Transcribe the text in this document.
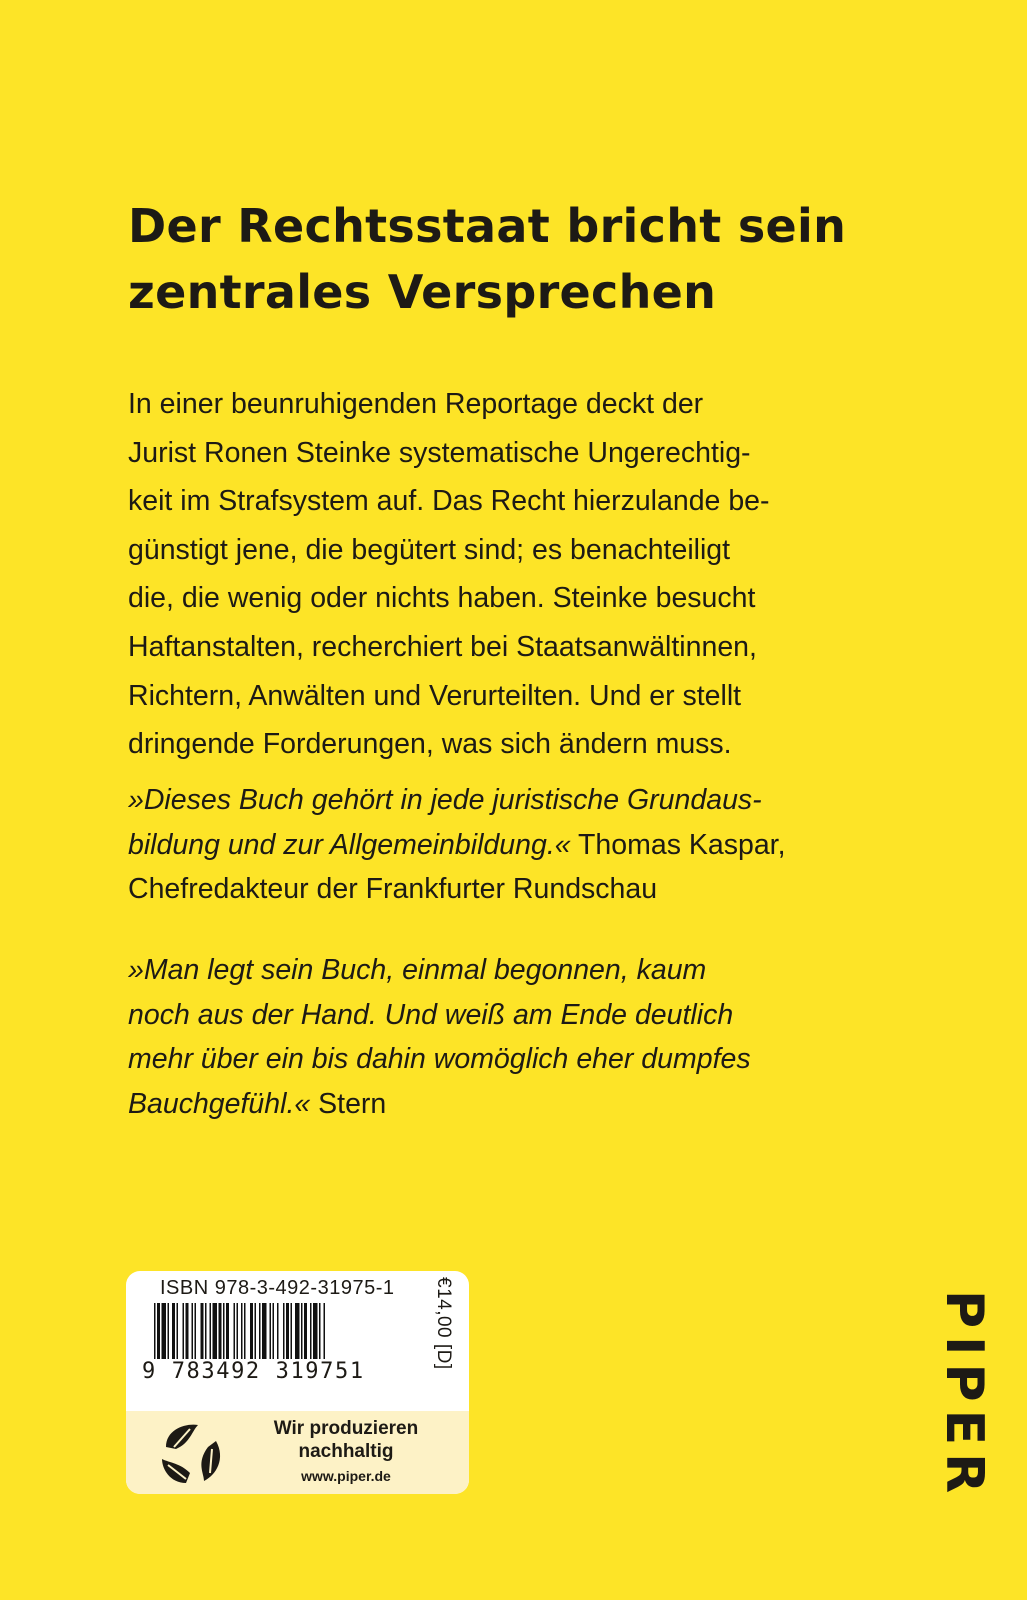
Der Rechtsstaat bricht sein
zentrales Versprechen
In einer beunruhigenden Reportage deckt der
Jurist Ronen Steinke systematische Ungerechtig-
keit im Strafsystem auf. Das Recht hierzulande be-
günstigt jene, die begütert sind; es benachteiligt
die, die wenig oder nichts haben. Steinke besucht
Haftanstalten, recherchiert bei Staatsanwältinnen,
Richtern, Anwälten und Verurteilten. Und er stellt
dringende Forderungen, was sich ändern muss.
»Dieses Buch gehört in jede juristische Grundaus-
bildung und zur Allgemeinbildung.« Thomas Kaspar,
Chefredakteur der Frankfurter Rundschau
»Man legt sein Buch, einmal begonnen, kaum
noch aus der Hand. Und weiß am Ende deutlich
mehr über ein bis dahin womöglich eher dumpfes
Bauchgefühl.« Stern
ISBN 978-3-492-31975-1
9 783492 319751
€14,00 [D]
Wir produzieren
nachhaltig
www.piper.de	PIPER
